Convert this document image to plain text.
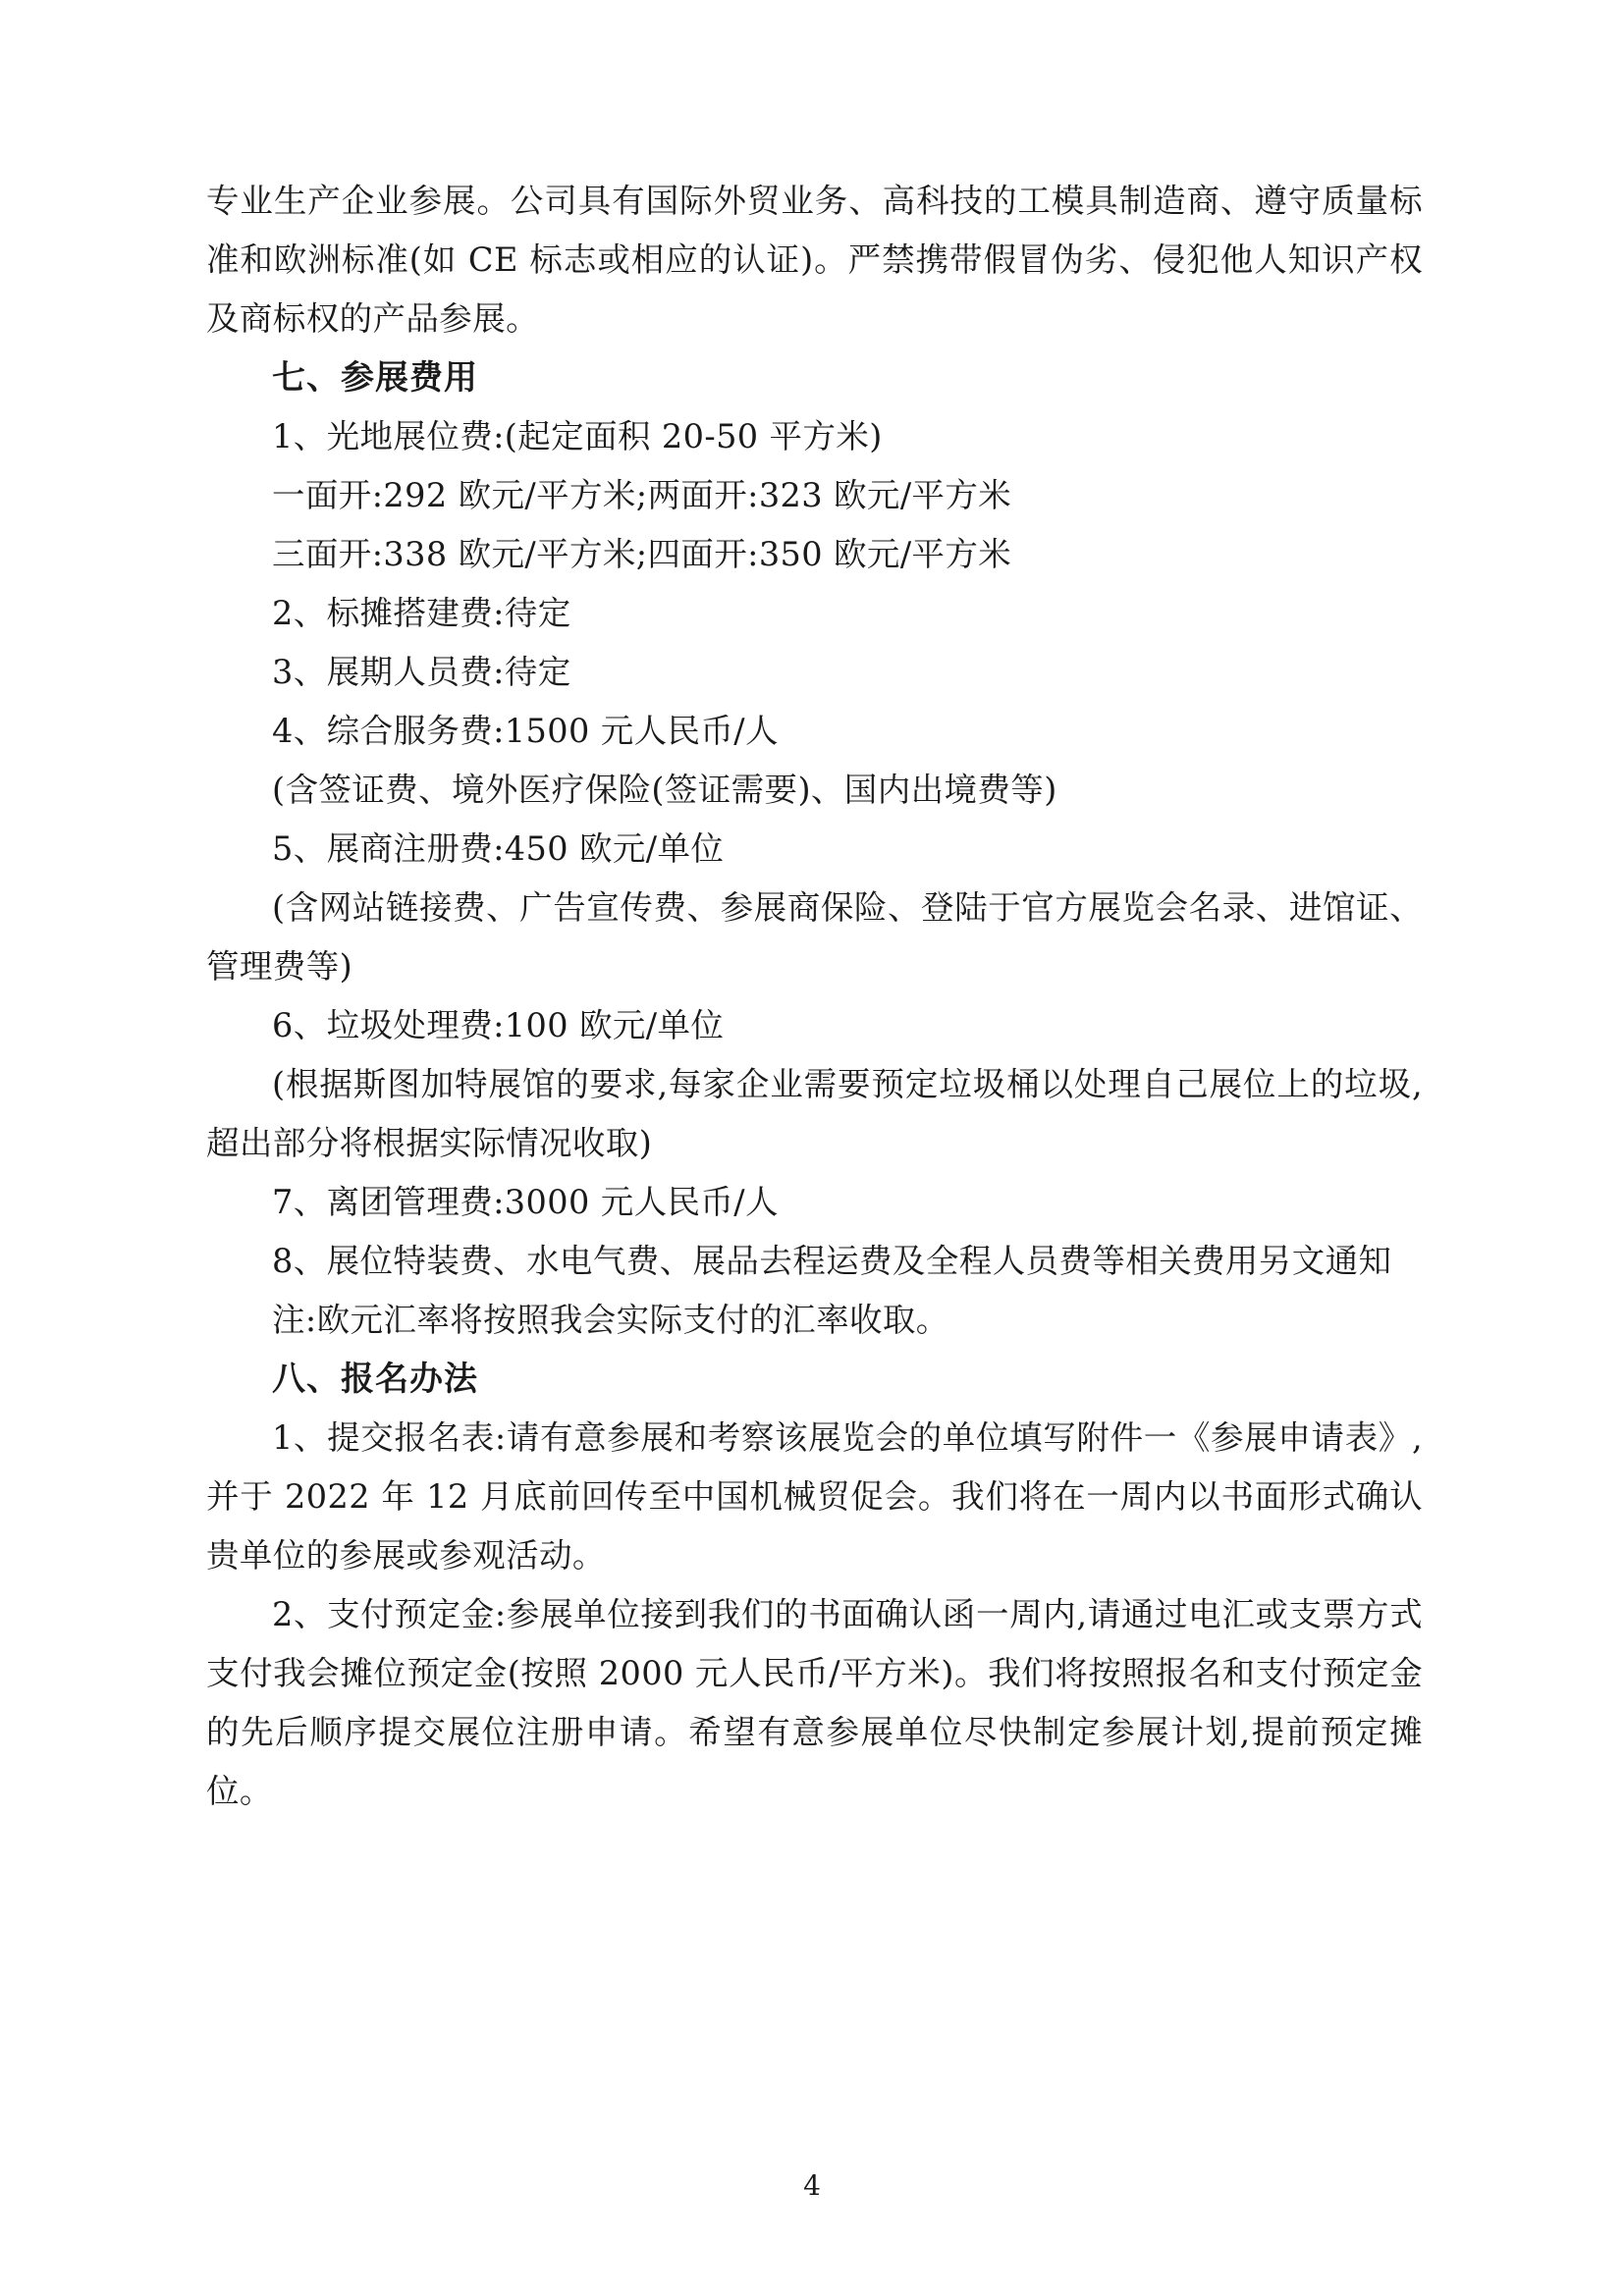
专业生产企业参展。公司具有国际外贸业务、高科技的工模具制造商、遵守质量标准和欧洲标准(如 CE 标志或相应的认证)。严禁携带假冒伪劣、侵犯他人知识产权及商标权的产品参展。

七、参展费用

1、光地展位费:(起定面积 20-50 平方米)

一面开:292 欧元/平方米;两面开:323 欧元/平方米

三面开:338 欧元/平方米;四面开:350 欧元/平方米

2、标摊搭建费:待定

3、展期人员费:待定

4、综合服务费:1500 元人民币/人

(含签证费、境外医疗保险(签证需要)、国内出境费等)

5、展商注册费:450 欧元/单位

(含网站链接费、广告宣传费、参展商保险、登陆于官方展览会名录、进馆证、管理费等)

6、垃圾处理费:100 欧元/单位

(根据斯图加特展馆的要求,每家企业需要预定垃圾桶以处理自己展位上的垃圾,超出部分将根据实际情况收取)

7、离团管理费:3000 元人民币/人

8、展位特装费、水电气费、展品去程运费及全程人员费等相关费用另文通知

注:欧元汇率将按照我会实际支付的汇率收取。

八、报名办法

1、提交报名表:请有意参展和考察该展览会的单位填写附件一《参展申请表》,并于 2022 年 12 月底前回传至中国机械贸促会。我们将在一周内以书面形式确认贵单位的参展或参观活动。

2、支付预定金:参展单位接到我们的书面确认函一周内,请通过电汇或支票方式支付我会摊位预定金(按照 2000 元人民币/平方米)。我们将按照报名和支付预定金的先后顺序提交展位注册申请。希望有意参展单位尽快制定参展计划,提前预定摊位。

4
